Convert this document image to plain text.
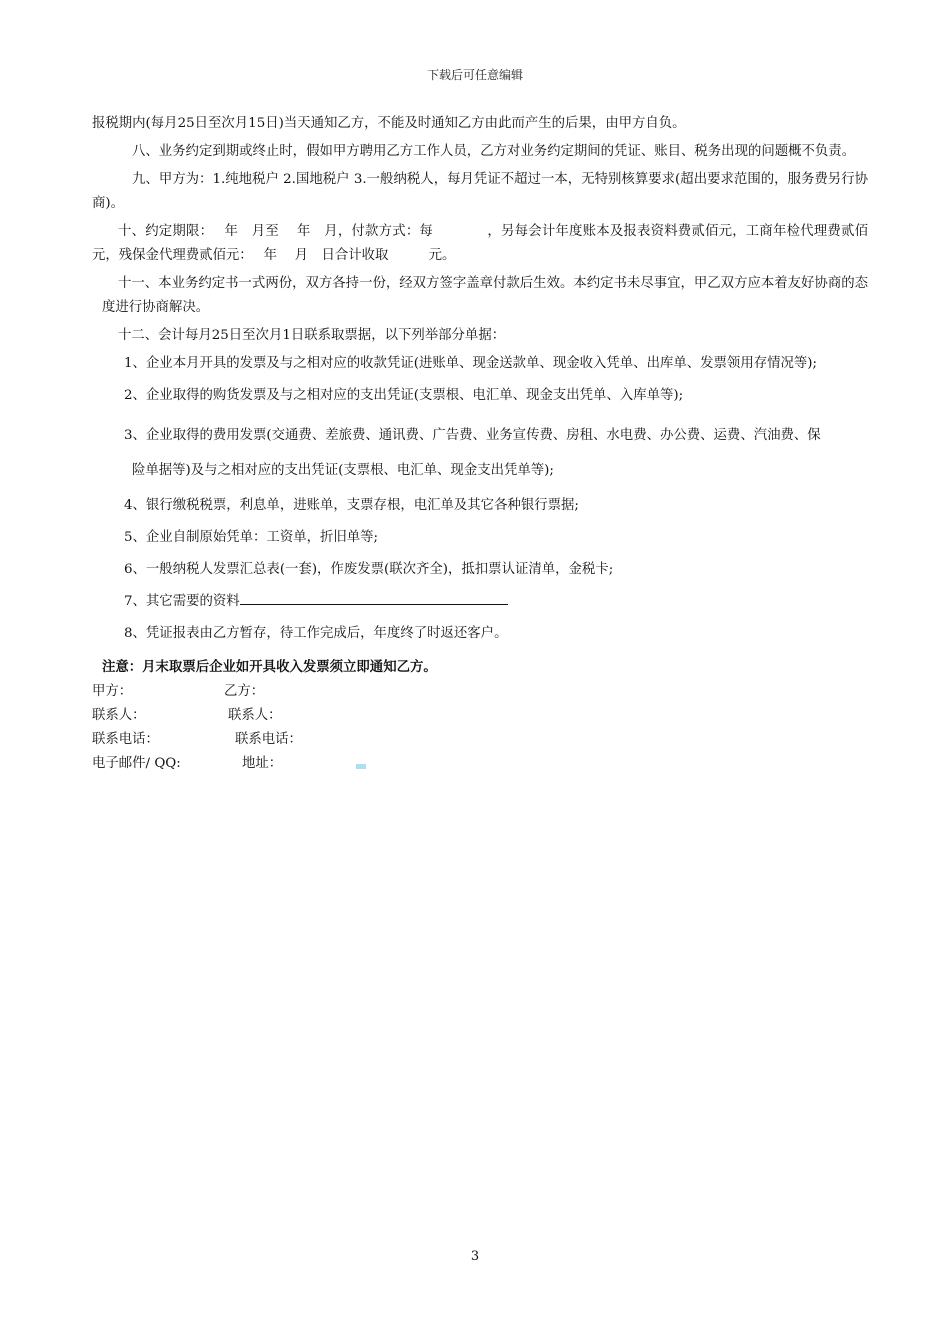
下载后可任意编辑

报税期内(每月25日至次月15日)当天通知乙方，不能及时通知乙方由此而产生的后果，由甲方自负。

八、业务约定到期或终止时，假如甲方聘用乙方工作人员，乙方对业务约定期间的凭证、账目、税务出现的问题概不负责。

九、甲方为：1.纯地税户 2.国地税户 3.一般纳税人，每月凭证不超过一本，无特别核算要求(超出要求范围的，服务费另行协商)。

十、约定期限：　 年　月至　 年　月，付款方式：每　　　　，另每会计年度账本及报表资料费贰佰元，工商年检代理费贰佰元，残保金代理费贰佰元：　 年　 月　日合计收取　　　元。

十一、本业务约定书一式两份，双方各持一份，经双方签字盖章付款后生效。本约定书未尽事宜，甲乙双方应本着友好协商的态度进行协商解决。

十二、会计每月25日至次月1日联系取票据，以下列举部分单据：

1、企业本月开具的发票及与之相对应的收款凭证(进账单、现金送款单、现金收入凭单、出库单、发票领用存情况等);
2、企业取得的购货发票及与之相对应的支出凭证(支票根、电汇单、现金支出凭单、入库单等);
3、企业取得的费用发票(交通费、差旅费、通讯费、广告费、业务宣传费、房租、水电费、办公费、运费、汽油费、保
险单据等)及与之相对应的支出凭证(支票根、电汇单、现金支出凭单等);
4、银行缴税税票，利息单，进账单，支票存根，电汇单及其它各种银行票据;
5、企业自制原始凭单：工资单，折旧单等;
6、一般纳税人发票汇总表(一套)，作废发票(联次齐全)，抵扣票认证清单，金税卡;
7、其它需要的资料
8、凭证报表由乙方暂存，待工作完成后，年度终了时返还客户。
注意：月末取票后企业如开具收入发票须立即通知乙方。
甲方：	乙方：
联系人：	联系人：
联系电话：	联系电话：
电子邮件/ QQ:	地址：
3
